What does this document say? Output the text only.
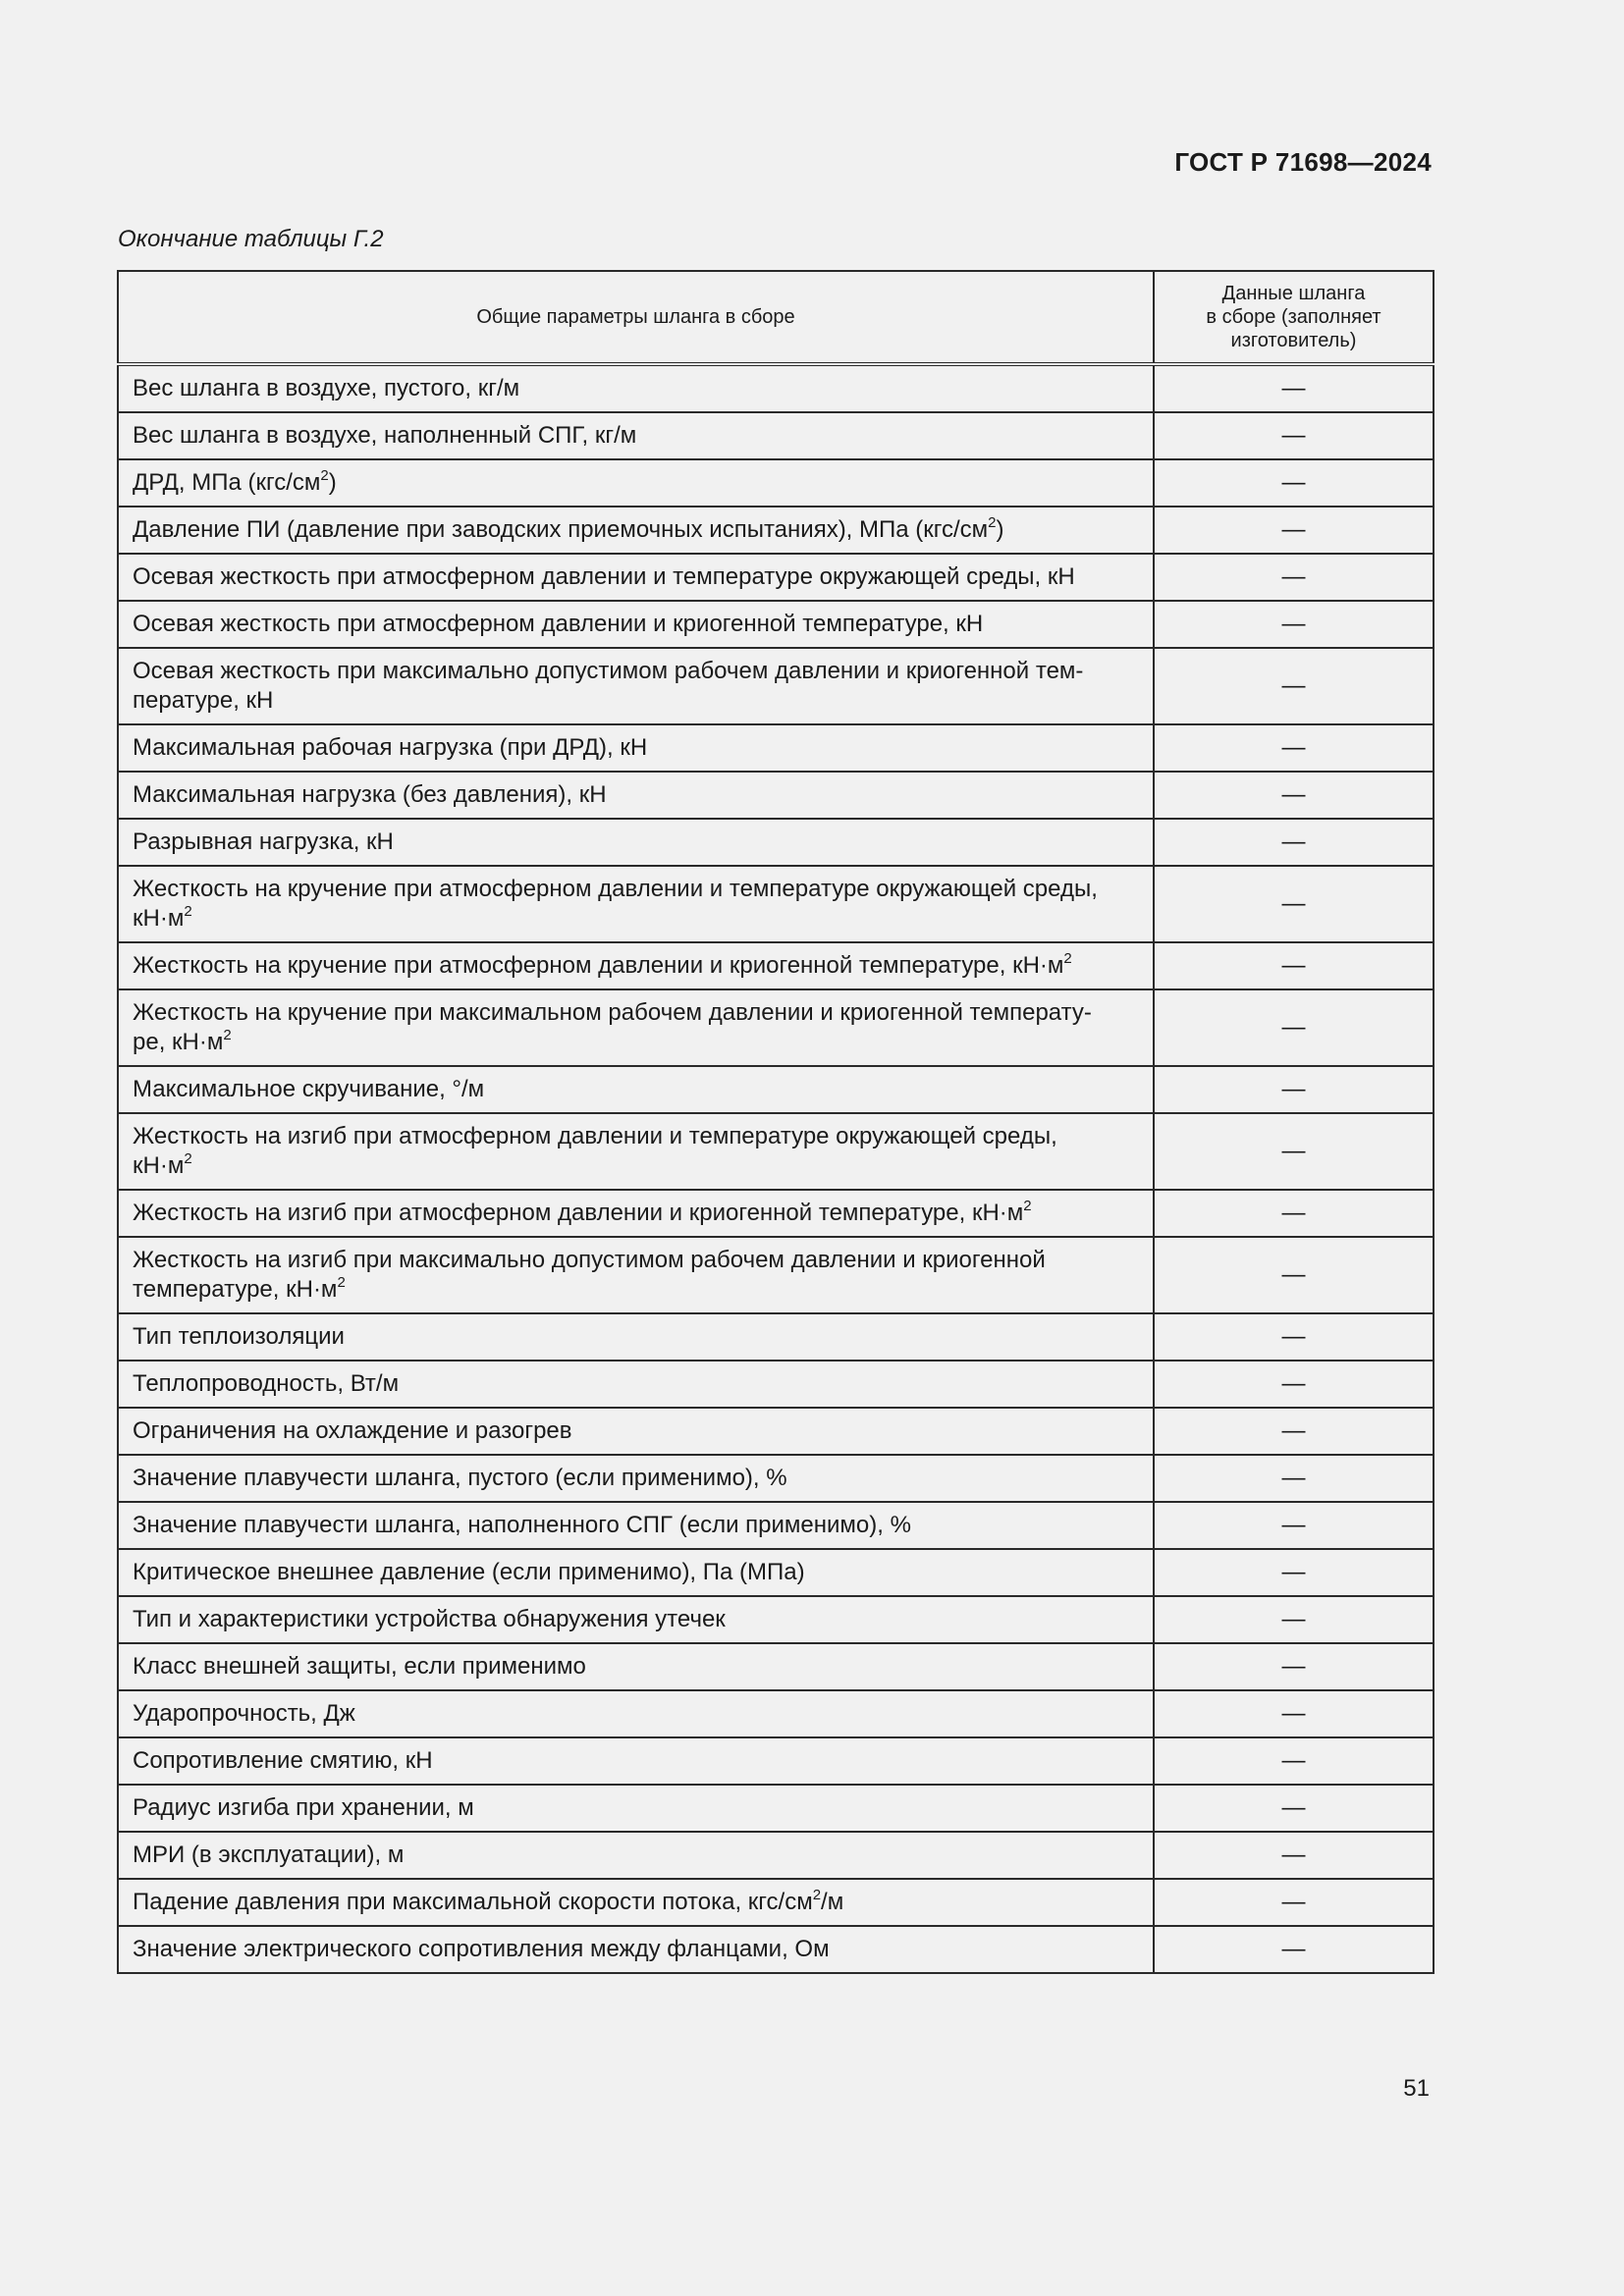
ГОСТ Р 71698—2024
Окончание таблицы Г.2
Общие параметры шланга в сборе	Данные шланга
в сборе (заполняет
изготовитель)

Вес шланга в воздухе, пустого, кг/м	—
Вес шланга в воздухе, наполненный СПГ, кг/м	—
ДРД, МПа $(кгс/см^2)$	—
Давление ПИ (давление при заводских приемочных испытаниях), МПа $(кгс/см^2)$	—
Осевая жесткость при атмосферном давлении и температуре окружающей среды, кН	—
Осевая жесткость при атмосферном давлении и криогенной температуре, кН	—
Осевая жесткость при максимально допустимом рабочем давлении и криогенной тем-
пературе, кН	—
Максимальная рабочая нагрузка (при ДРД), кН	—
Максимальная нагрузка (без давления), кН	—
Разрывная нагрузка, кН	—
Жесткость на кручение при атмосферном давлении и температуре окружающей среды,
$кН\cdot м^2$	—
Жесткость на кручение при атмосферном давлении и криогенной температуре, $кН\cdot м^2$	—
Жесткость на кручение при максимальном рабочем давлении и криогенной температу-
ре, $кН\cdot м^2$	—
Максимальное скручивание, °/м	—
Жесткость на изгиб при атмосферном давлении и температуре окружающей среды,
$кН\cdot м^2$	—
Жесткость на изгиб при атмосферном давлении и криогенной температуре, $кН\cdot м^2$	—
Жесткость на изгиб при максимально допустимом рабочем давлении и криогенной
температуре, $кН\cdot м^2$	—
Тип теплоизоляции	—
Теплопроводность, Вт/м	—
Ограничения на охлаждение и разогрев	—
Значение плавучести шланга, пустого (если применимо), %	—
Значение плавучести шланга, наполненного СПГ (если применимо), %	—
Критическое внешнее давление (если применимо), Па (МПа)	—
Тип и характеристики устройства обнаружения утечек	—
Класс внешней защиты, если применимо	—
Ударопрочность, Дж	—
Сопротивление смятию, кН	—
Радиус изгиба при хранении, м	—
МРИ (в эксплуатации), м	—
Падение давления при максимальной скорости потока, кгс/$см^2/м$	—
Значение электрического сопротивления между фланцами, Ом	—
51
